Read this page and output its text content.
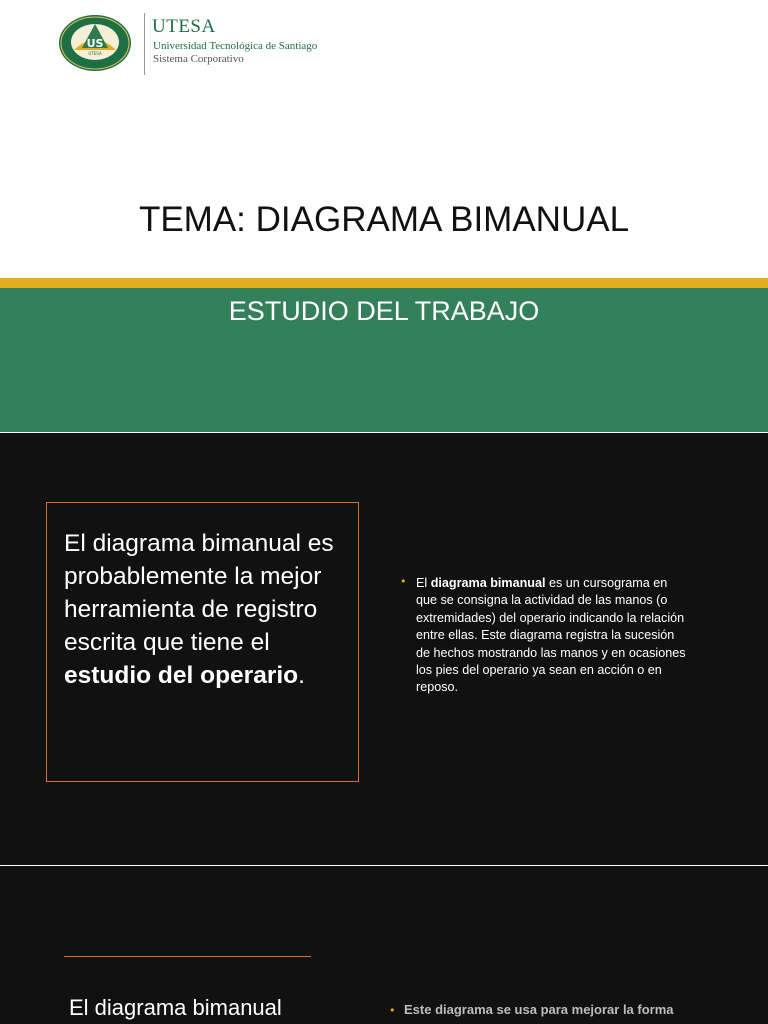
US
UTESA
UTESA
Universidad Tecnológica de Santiago
Sistema Corporativo
TEMA: DIAGRAMA BIMANUAL
ESTUDIO DEL TRABAJO
El diagrama bimanual es probablemente la mejor herramienta de registro escrita que tiene el estudio del operario.
• El diagrama bimanual es un cursograma en que se consigna la actividad de las manos (o extremidades) del operario indicando la relación entre ellas. Este diagrama registra la sucesión de hechos mostrando las manos y en ocasiones los pies del operario ya sean en acción o en reposo.
El diagrama bimanual	• Este diagrama se usa para mejorar la forma
